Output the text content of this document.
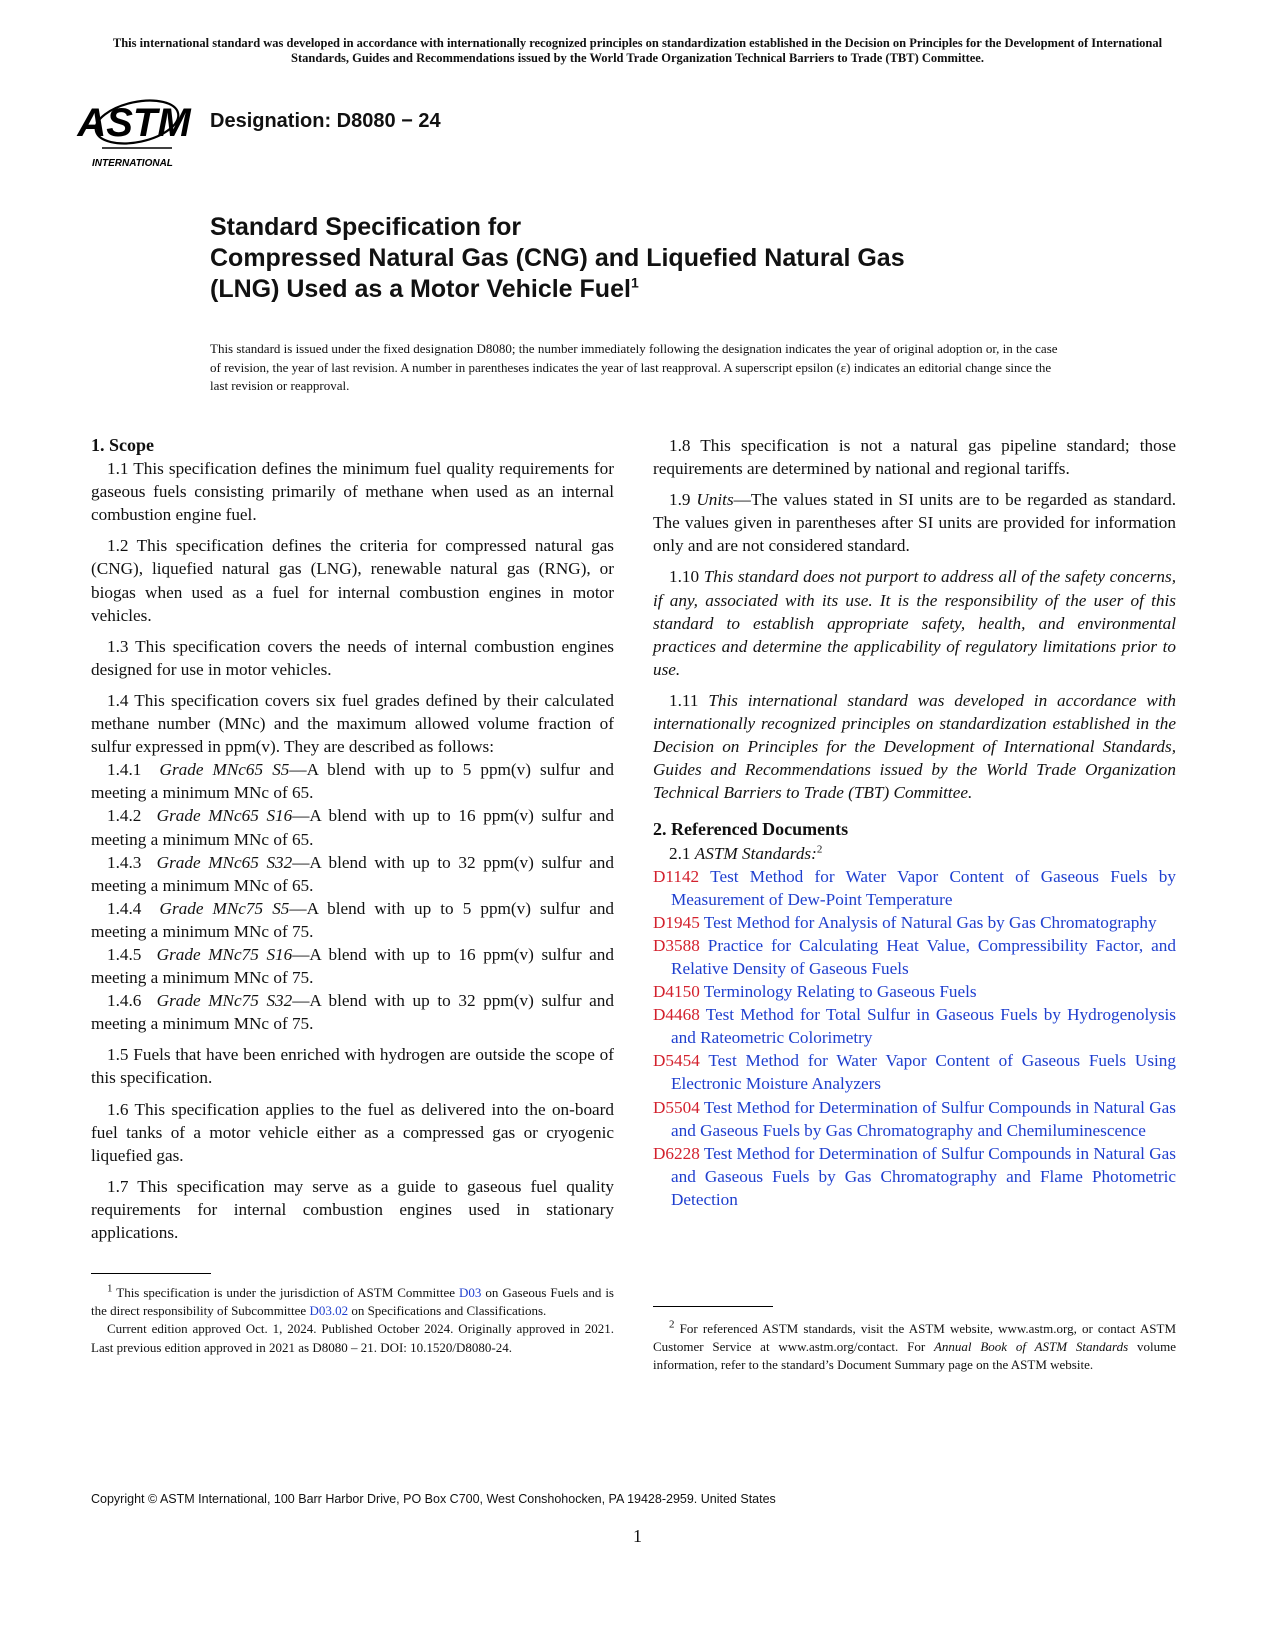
This international standard was developed in accordance with internationally recognized principles on standardization established in the Decision on Principles for the Development of International Standards, Guides and Recommendations issued by the World Trade Organization Technical Barriers to Trade (TBT) Committee.
ASTM
INTERNATIONAL
Designation: D8080 − 24
Standard Specification for
Compressed Natural Gas (CNG) and Liquefied Natural Gas
(LNG) Used as a Motor Vehicle Fuel$^1$
This standard is issued under the fixed designation D8080; the number immediately following the designation indicates the year of original adoption or, in the case of revision, the year of last revision. A number in parentheses indicates the year of last reapproval. A superscript epsilon (ε) indicates an editorial change since the last revision or reapproval.

1. Scope

1.1 This specification defines the minimum fuel quality requirements for gaseous fuels consisting primarily of methane when used as an internal combustion engine fuel.

1.2 This specification defines the criteria for compressed natural gas (CNG), liquefied natural gas (LNG), renewable natural gas (RNG), or biogas when used as a fuel for internal combustion engines in motor vehicles.

1.3 This specification covers the needs of internal combustion engines designed for use in motor vehicles.

1.4 This specification covers six fuel grades defined by their calculated methane number (MNc) and the maximum allowed volume fraction of sulfur expressed in ppm(v). They are described as follows:

1.4.1 Grade MNc65 S5—A blend with up to 5 ppm(v) sulfur and meeting a minimum MNc of 65.

1.4.2 Grade MNc65 S16—A blend with up to 16 ppm(v) sulfur and meeting a minimum MNc of 65.

1.4.3 Grade MNc65 S32—A blend with up to 32 ppm(v) sulfur and meeting a minimum MNc of 65.

1.4.4 Grade MNc75 S5—A blend with up to 5 ppm(v) sulfur and meeting a minimum MNc of 75.

1.4.5 Grade MNc75 S16—A blend with up to 16 ppm(v) sulfur and meeting a minimum MNc of 75.

1.4.6 Grade MNc75 S32—A blend with up to 32 ppm(v) sulfur and meeting a minimum MNc of 75.

1.5 Fuels that have been enriched with hydrogen are outside the scope of this specification.

1.6 This specification applies to the fuel as delivered into the on-board fuel tanks of a motor vehicle either as a compressed gas or cryogenic liquefied gas.

1.7 This specification may serve as a guide to gaseous fuel quality requirements for internal combustion engines used in stationary applications.

1.8 This specification is not a natural gas pipeline standard; those requirements are determined by national and regional tariffs.

1.9 Units—The values stated in SI units are to be regarded as standard. The values given in parentheses after SI units are provided for information only and are not considered standard.

1.10 This standard does not purport to address all of the safety concerns, if any, associated with its use. It is the responsibility of the user of this standard to establish appropriate safety, health, and environmental practices and determine the applicability of regulatory limitations prior to use.

1.11 This international standard was developed in accordance with internationally recognized principles on standardization established in the Decision on Principles for the Development of International Standards, Guides and Recommendations issued by the World Trade Organization Technical Barriers to Trade (TBT) Committee.

2. Referenced Documents

2.1 ASTM Standards:$^2$

D1142 Test Method for Water Vapor Content of Gaseous Fuels by Measurement of Dew-Point Temperature

D1945 Test Method for Analysis of Natural Gas by Gas Chromatography

D3588 Practice for Calculating Heat Value, Compressibility Factor, and Relative Density of Gaseous Fuels

D4150 Terminology Relating to Gaseous Fuels

D4468 Test Method for Total Sulfur in Gaseous Fuels by Hydrogenolysis and Rateometric Colorimetry

D5454 Test Method for Water Vapor Content of Gaseous Fuels Using Electronic Moisture Analyzers

D5504 Test Method for Determination of Sulfur Compounds in Natural Gas and Gaseous Fuels by Gas Chromatography and Chemiluminescence

D6228 Test Method for Determination of Sulfur Compounds in Natural Gas and Gaseous Fuels by Gas Chromatography and Flame Photometric Detection

$^1$ This specification is under the jurisdiction of ASTM Committee D03 on Gaseous Fuels and is the direct responsibility of Subcommittee D03.02 on Specifications and Classifications.

Current edition approved Oct. 1, 2024. Published October 2024. Originally approved in 2021. Last previous edition approved in 2021 as D8080 – 21. DOI: 10.1520/D8080-24.

$^2$ For referenced ASTM standards, visit the ASTM website, www.astm.org, or contact ASTM Customer Service at www.astm.org/contact. For Annual Book of ASTM Standards volume information, refer to the standard’s Document Summary page on the ASTM website.

Copyright © ASTM International, 100 Barr Harbor Drive, PO Box C700, West Conshohocken, PA 19428-2959. United States
1
